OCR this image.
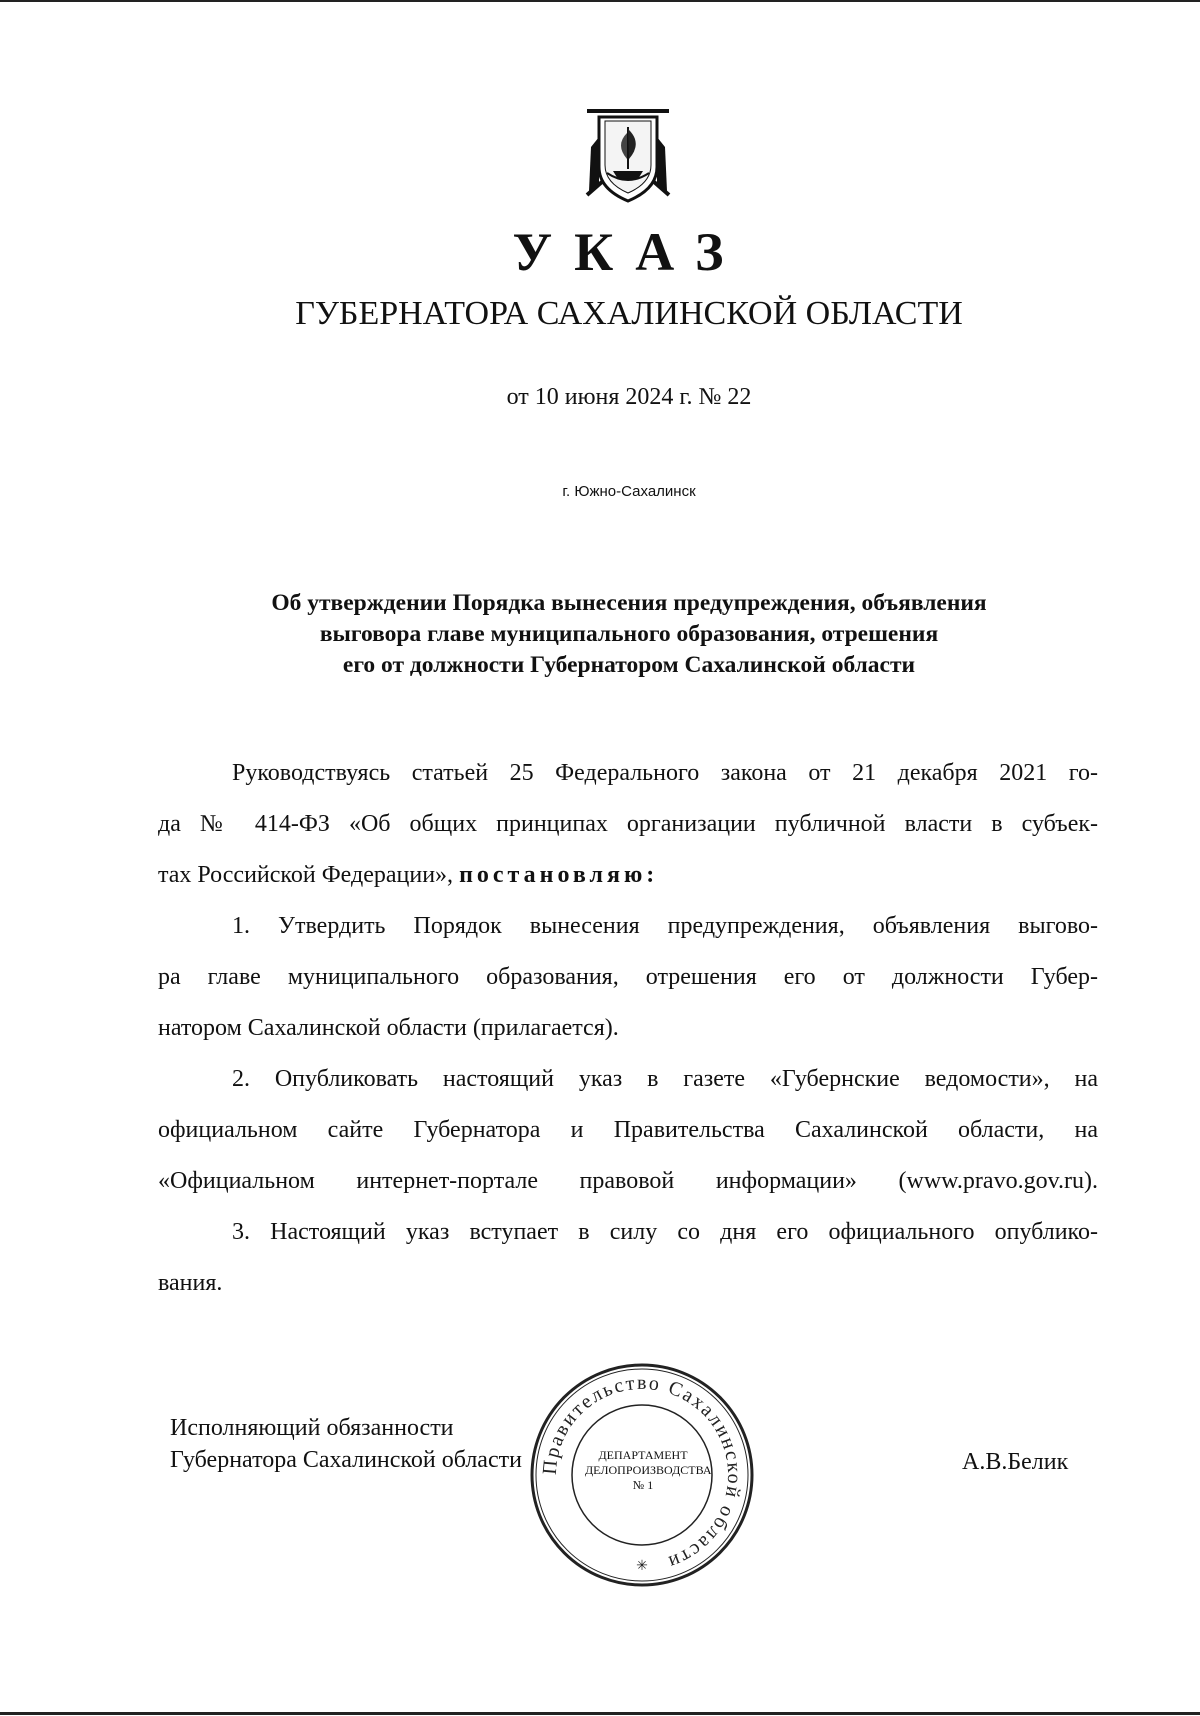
УКАЗ
ГУБЕРНАТОРА САХАЛИНСКОЙ ОБЛАСТИ
от 10 июня 2024 г. № 22
г. Южно-Сахалинск
Об утверждении Порядка вынесения предупреждения, объявления
выговора главе муниципального образования, отрешения
его от должности Губернатором Сахалинской области
Руководствуясь статьей 25 Федерального закона от 21 декабря 2021 го-
да № 414-ФЗ «Об общих принципах организации публичной власти в субъек-
тах Российской Федерации», постановляю:
1. Утвердить Порядок вынесения предупреждения, объявления выгово-
ра главе муниципального образования, отрешения его от должности Губер-
натором Сахалинской области (прилагается).
2. Опубликовать настоящий указ в газете «Губернские ведомости», на
официальном сайте Губернатора и Правительства Сахалинской области, на
«Официальном интернет-портале правовой информации» (www.pravo.gov.ru).
3. Настоящий указ вступает в силу со дня его официального опублико-
вания.
Исполняющий обязанности
Губернатора Сахалинской области Правительство Сахалинской области
✳
ДЕПАРТАМЕНТ
ДЕЛОПРОИЗВОДСТВА
№ 1
А.В.Белик
